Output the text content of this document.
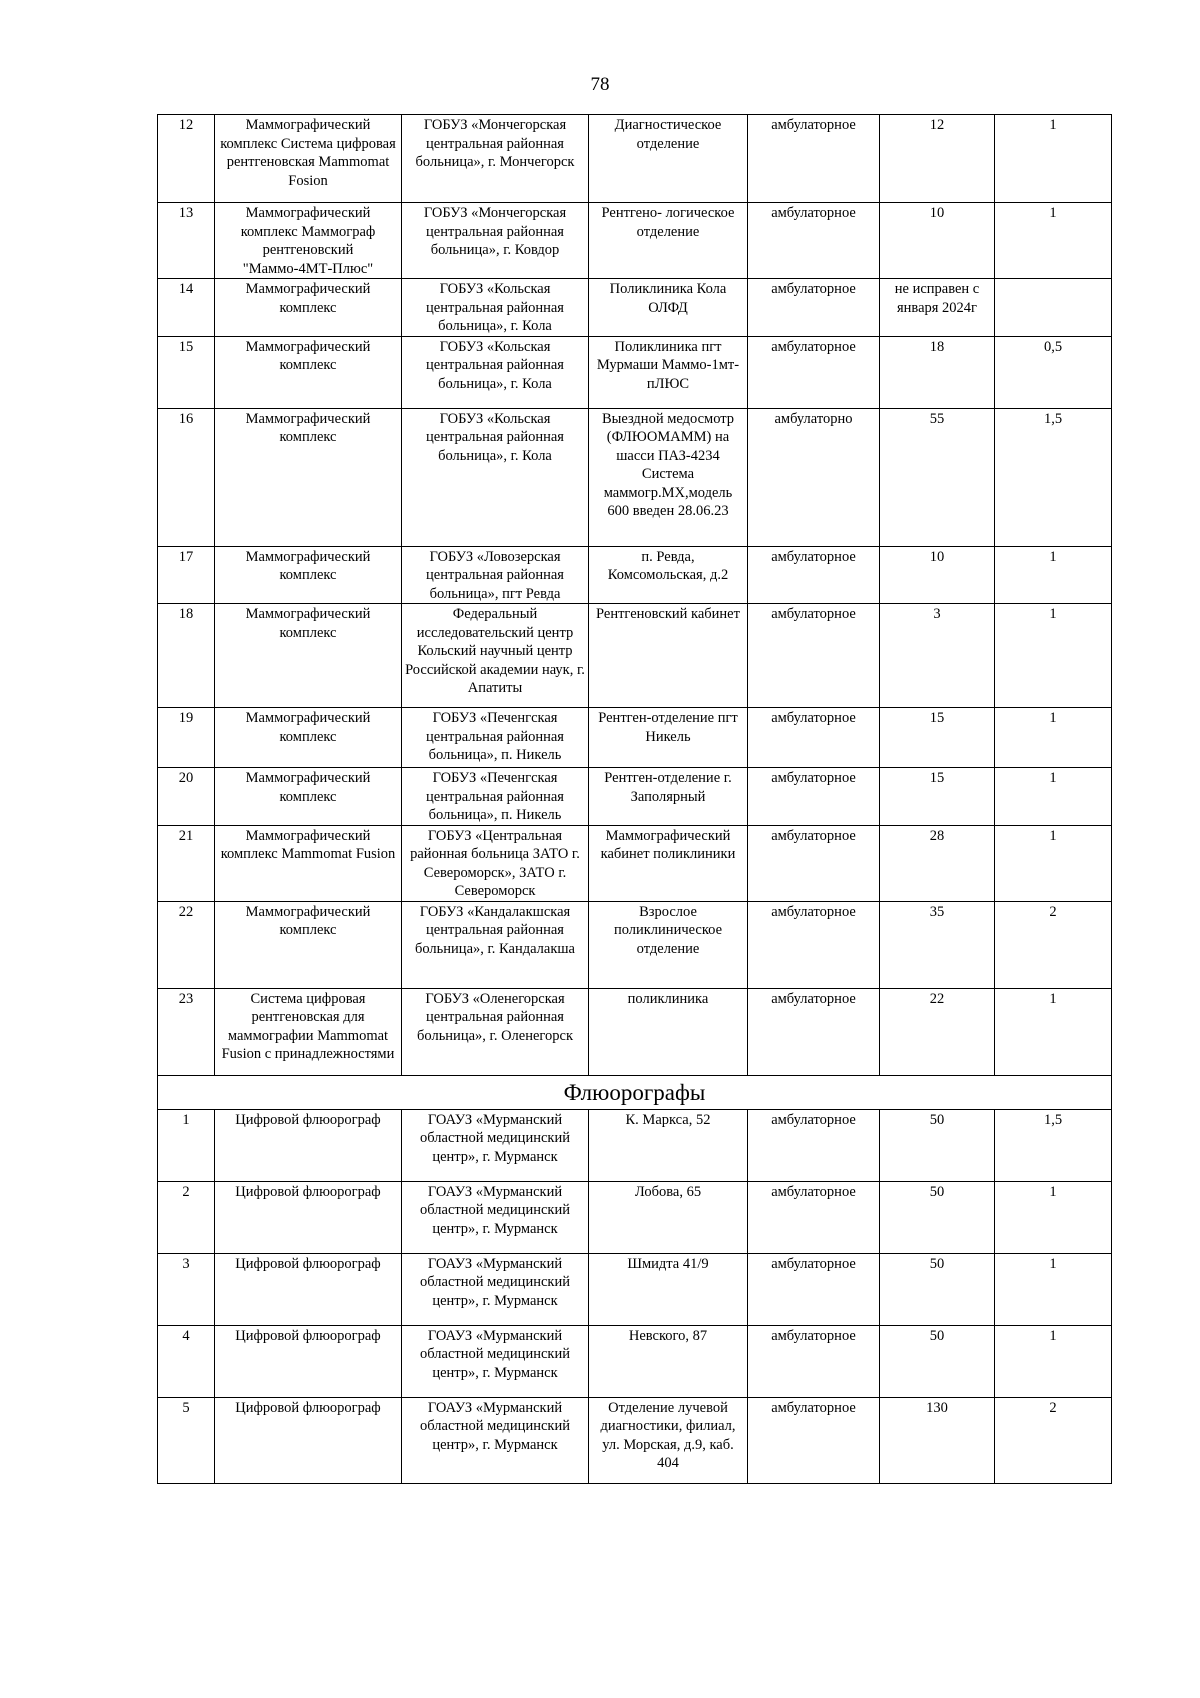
78
12	Маммографический комплекс Система цифровая рентгеновская Mammomat Fosion	ГОБУЗ «Мончегорская центральная районная больница», г. Мончегорск	Диагностическое отделение	амбулаторное	12	1
13	Маммографический комплекс Маммограф рентгеновский "Маммо-4МТ-Плюс"	ГОБУЗ «Мончегорская центральная районная больница», г. Ковдор	Рентгено- логическое отделение	амбулаторное	10	1
14	Маммографический комплекс	ГОБУЗ «Кольская центральная районная больница», г. Кола	Поликлиника Кола ОЛФД	амбулаторное	не исправен с января 2024г	
15	Маммографический комплекс	ГОБУЗ «Кольская центральная районная больница», г. Кола	Поликлиника пгт Мурмаши Маммо-1мт-пЛЮС	амбулаторное	18	0,5
16	Маммографический комплекс	ГОБУЗ «Кольская центральная районная больница», г. Кола	Выездной медосмотр (ФЛЮОМАММ) на шасси ПАЗ-4234 Система маммогр.МХ,модель 600 введен 28.06.23	амбулаторно	55	1,5
17	Маммографический комплекс	ГОБУЗ «Ловозерская центральная районная больница», пгт Ревда	п. Ревда, Комсомольская, д.2	амбулаторное	10	1
18	Маммографический комплекс	Федеральный исследовательский центр Кольский научный центр Российской академии наук, г. Апатиты	Рентгеновский кабинет	амбулаторное	3	1
19	Маммографический комплекс	ГОБУЗ «Печенгская центральная районная больница», п. Никель	Рентген-отделение пгт Никель	амбулаторное	15	1
20	Маммографический комплекс	ГОБУЗ «Печенгская центральная районная больница», п. Никель	Рентген-отделение г. Заполярный	амбулаторное	15	1
21	Маммографический комплекс Mammomat Fusion	ГОБУЗ «Центральная районная больница ЗАТО г. Североморск», ЗАТО г. Североморск	Маммографический кабинет поликлиники	амбулаторное	28	1
22	Маммографический комплекс	ГОБУЗ «Кандалакшская центральная районная больница», г. Кандалакша	Взрослое поликлиническое отделение	амбулаторное	35	2
23	Система цифровая рентгеновская для маммографии Mammomat Fusion с принадлежностями	ГОБУЗ «Оленегорская центральная районная больница», г. Оленегорск	поликлиника	амбулаторное	22	1
Флюорографы						
1	Цифровой флюорограф	ГОАУЗ «Мурманский областной медицинский центр», г. Мурманск	К. Маркса, 52	амбулаторное	50	1,5
2	Цифровой флюорограф	ГОАУЗ «Мурманский областной медицинский центр», г. Мурманск	Лобова, 65	амбулаторное	50	1
3	Цифровой флюорограф	ГОАУЗ «Мурманский областной медицинский центр», г. Мурманск	Шмидта 41/9	амбулаторное	50	1
4	Цифровой флюорограф	ГОАУЗ «Мурманский областной медицинский центр», г. Мурманск	Невского, 87	амбулаторное	50	1
5	Цифровой флюорограф	ГОАУЗ «Мурманский областной медицинский центр», г. Мурманск	Отделение лучевой диагностики, филиал, ул. Морская, д.9, каб. 404	амбулаторное	130	2
